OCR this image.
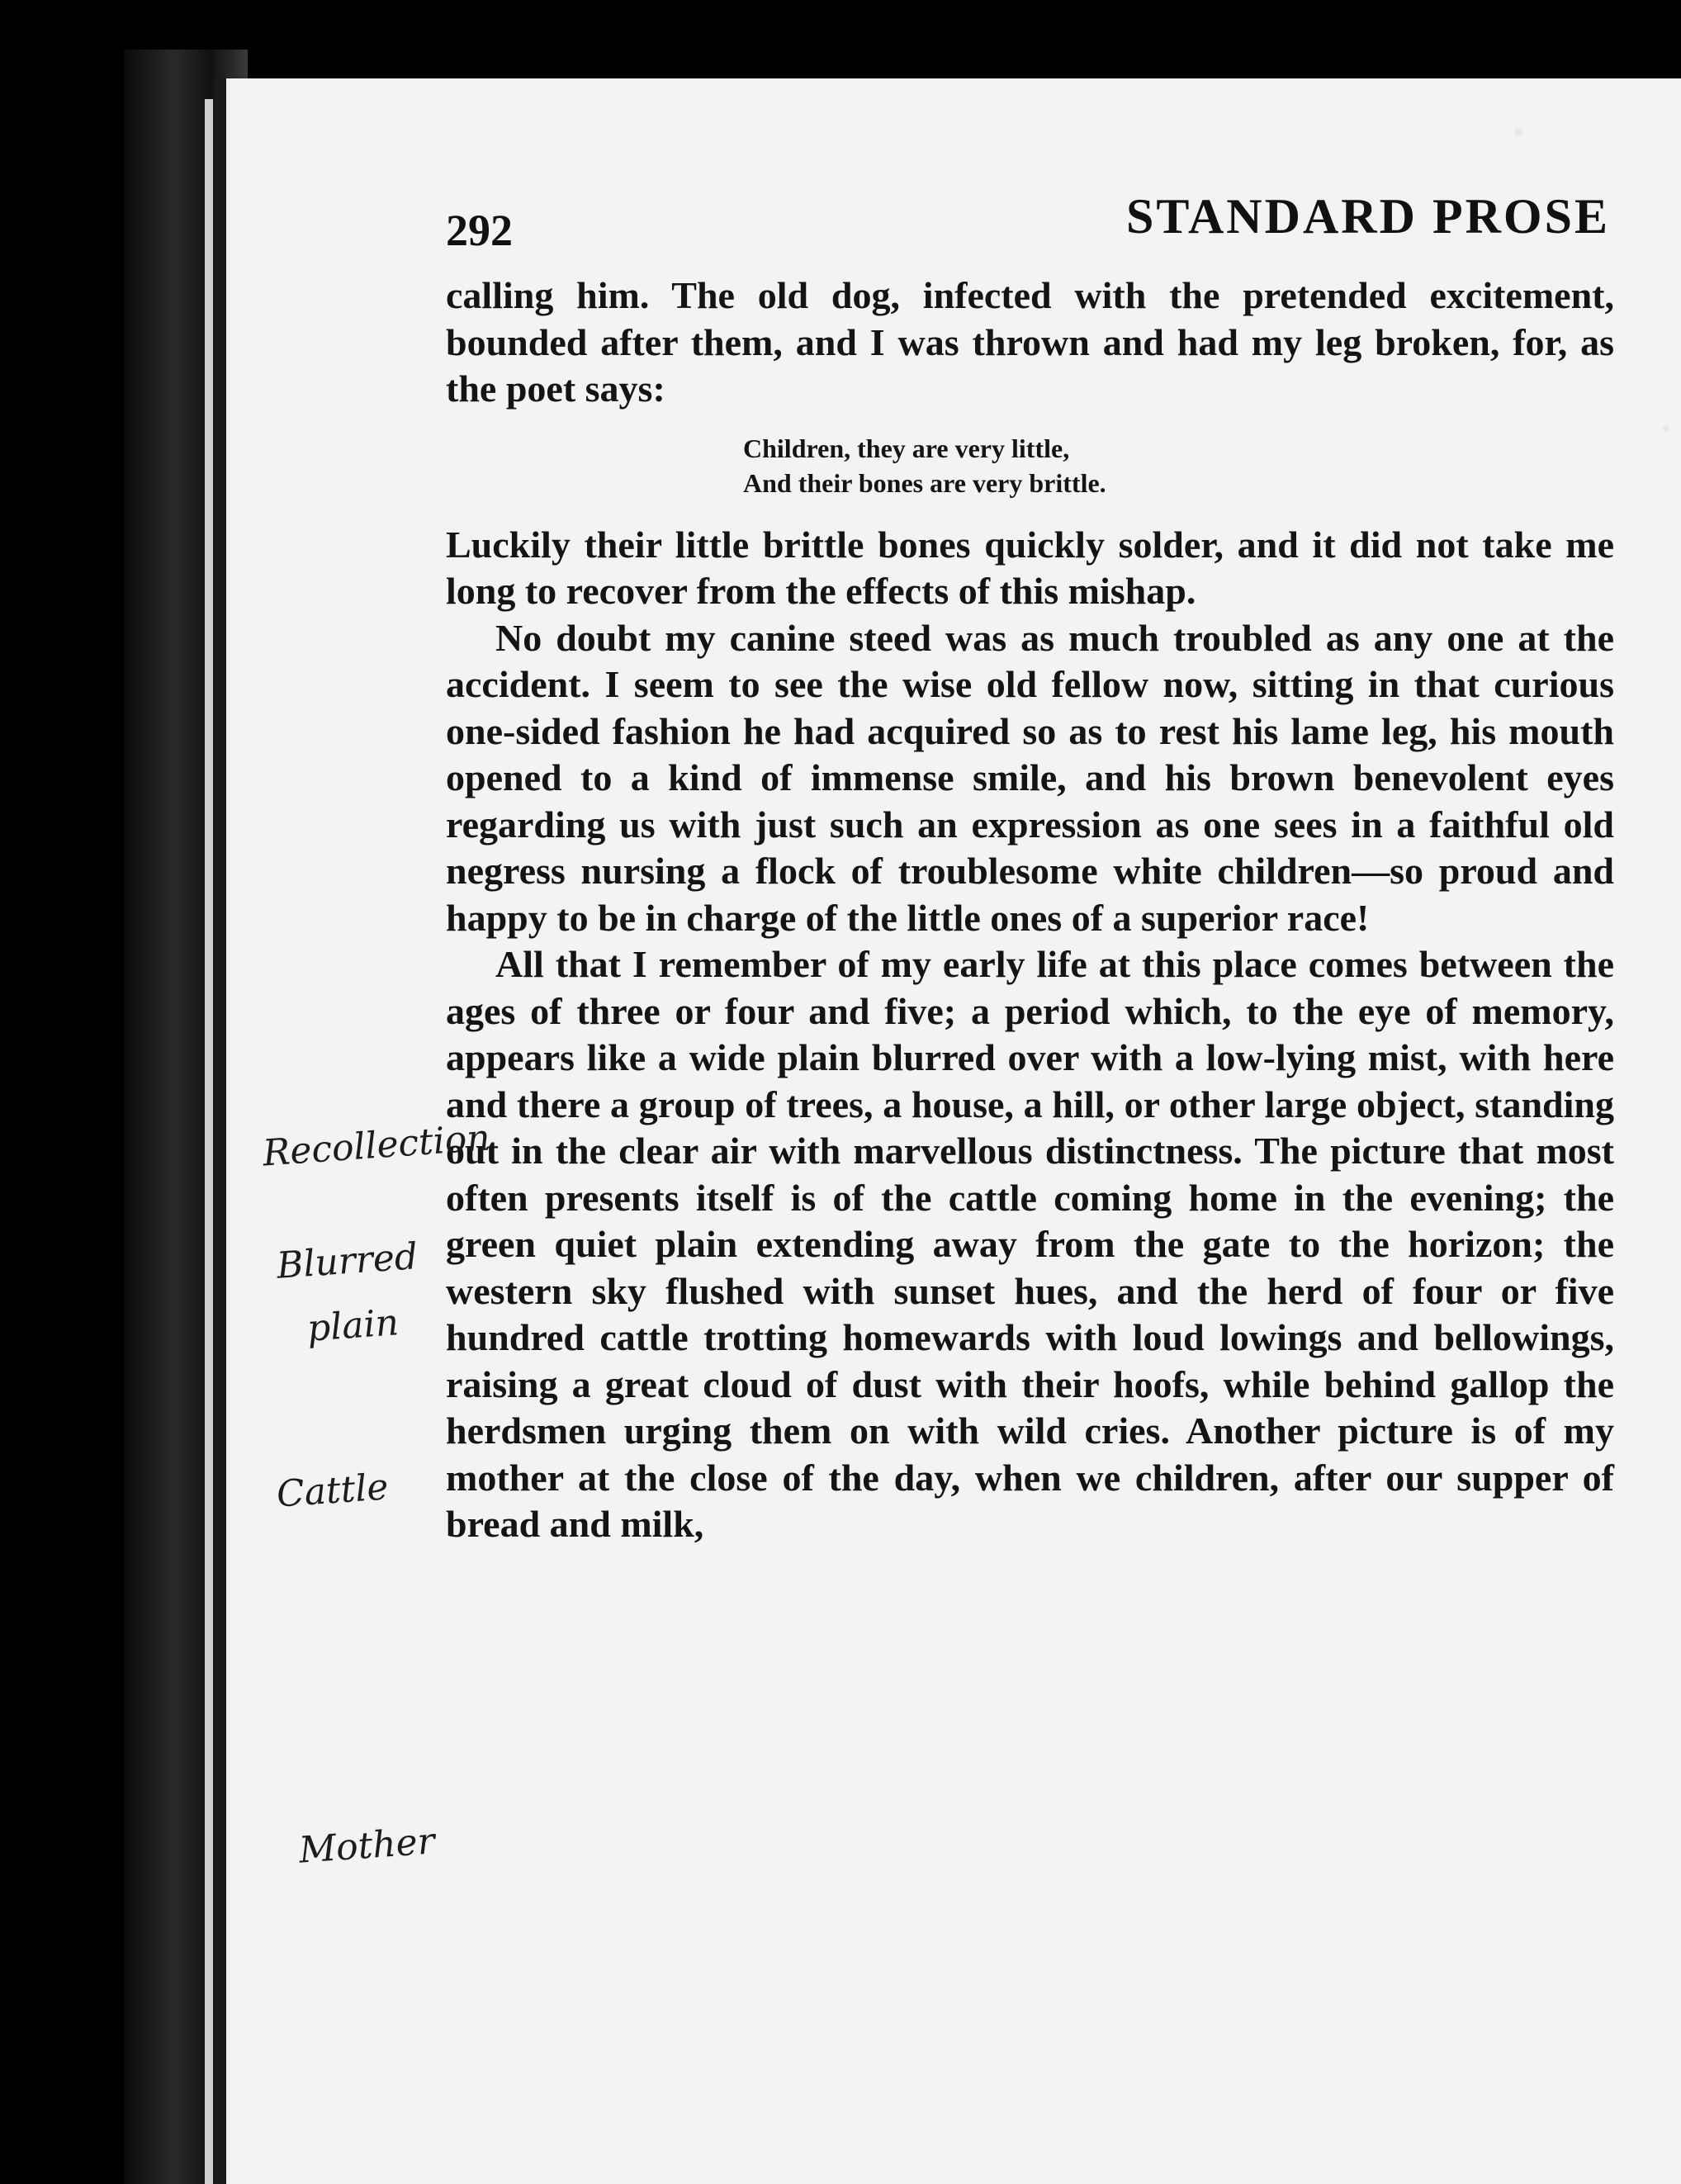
292	STANDARD PROSE

calling him. The old dog, infected with the pretended excitement, bounded after them, and I was thrown and had my leg broken, for, as the poet says:

Children, they are very little,
And their bones are very brittle.

Luckily their little brittle bones quickly solder, and it did not take me long to recover from the effects of this mishap.

No doubt my canine steed was as much troubled as any one at the accident. I seem to see the wise old fellow now, sitting in that curious one-sided fashion he had acquired so as to rest his lame leg, his mouth opened to a kind of immense smile, and his brown benevolent eyes regarding us with just such an expression as one sees in a faithful old negress nursing a flock of troublesome white children—so proud and happy to be in charge of the little ones of a superior race!

All that I remember of my early life at this place comes between the ages of three or four and five; a period which, to the eye of memory, appears like a wide plain blurred over with a low-lying mist, with here and there a group of trees, a house, a hill, or other large object, standing out in the clear air with marvellous distinctness. The picture that most often presents itself is of the cattle coming home in the evening; the green quiet plain extending away from the gate to the horizon; the western sky flushed with sunset hues, and the herd of four or five hundred cattle trotting homewards with loud lowings and bellowings, raising a great cloud of dust with their hoofs, while behind gallop the herdsmen urging them on with wild cries. Another picture is of my mother at the close of the day, when we children, after our supper of bread and milk,

Recollection
Blurred
plain
Cattle
Mother
